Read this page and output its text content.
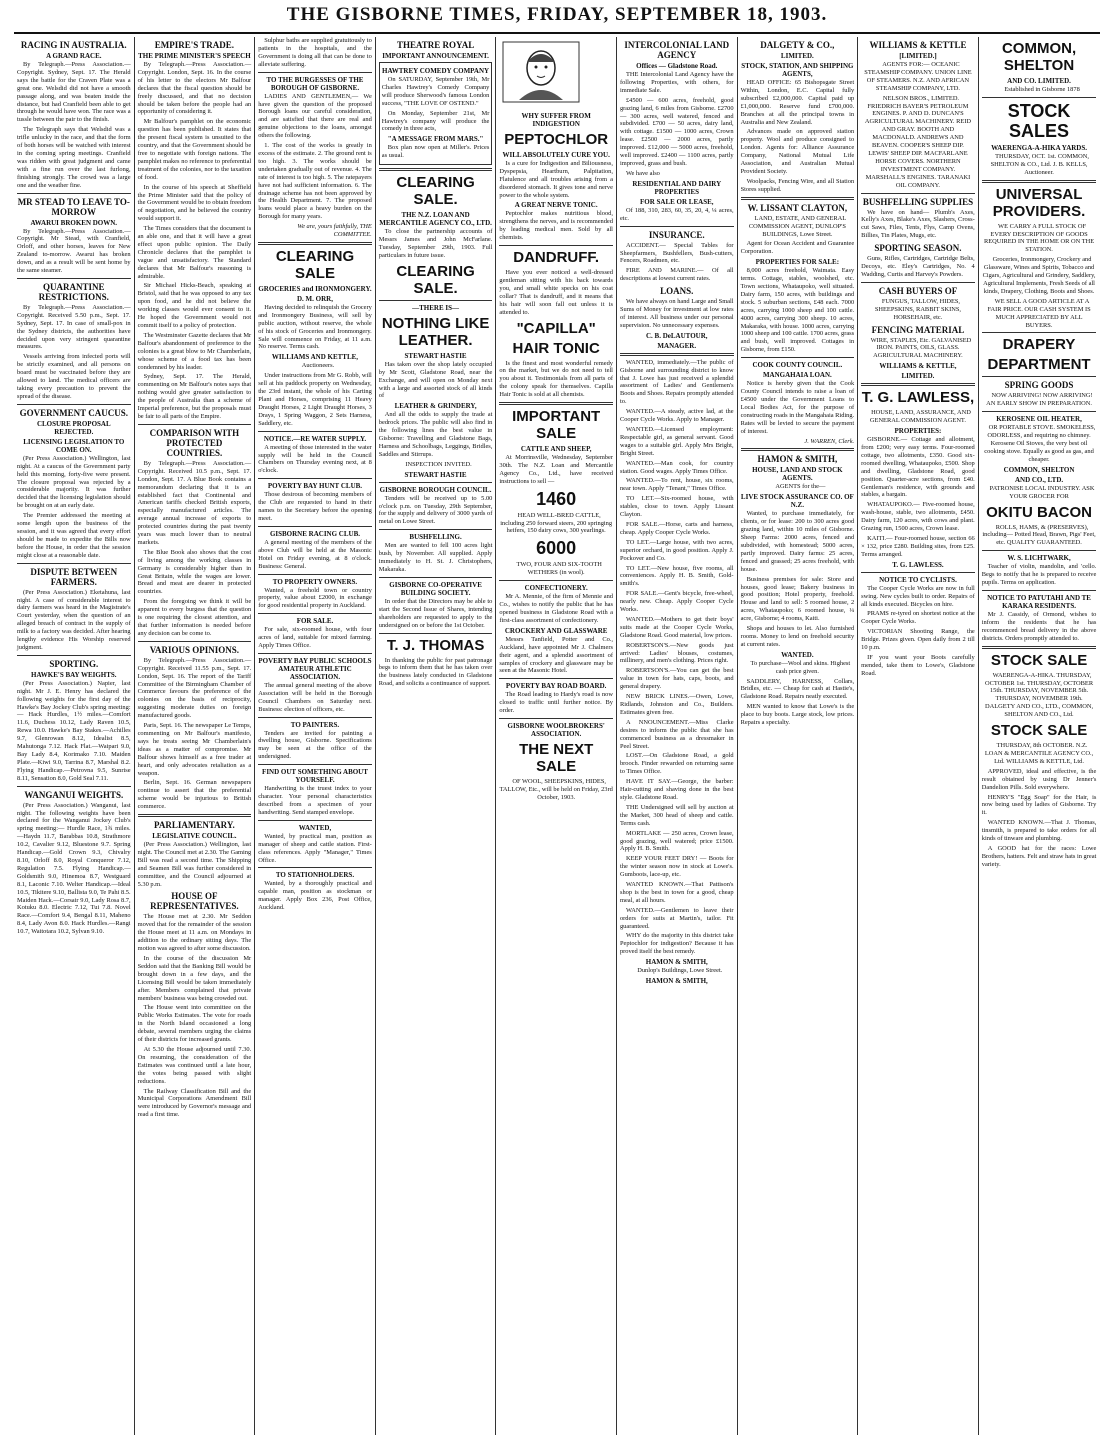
THE GISBORNE TIMES, FRIDAY, SEPTEMBER 18, 1903.
RACING IN AUSTRALIA.
A GRAND RACE.

By Telegraph.—Press Association.—Copyright. Sydney, Sept. 17. The Herald says the battle for the Craven Plate was a great one. Welsdid did not have a smooth passage along, and was beaten inside the distance, but had Cranfield been able to get through he would have won. The race was a tussle between the pair to the finish.

The Telegraph says that Welsdid was a trifle unlucky in the race, and that the form of both horses will be watched with interest in the coming spring meetings. Cranfield was ridden with great judgment and came with a fine run over the last furlong, finishing strongly. The crowd was a large one and the weather fine.

MR STEAD TO LEAVE TO-MORROW
AWARUI BROKEN DOWN.

By Telegraph.—Press Association.—Copyright. Mr Stead, with Cranfield, Orloff, and other horses, leaves for New Zealand to-morrow. Awarui has broken down, and as a result will be sent home by the same steamer.

QUARANTINE RESTRICTIONS.

By Telegraph.—Press Association.—Copyright. Received 5.50 p.m., Sept. 17. Sydney, Sept. 17. In case of small-pox in the Sydney districts, the authorities have decided upon very stringent quarantine measures.

Vessels arriving from infected ports will be strictly examined, and all persons on board must be vaccinated before they are allowed to land. The medical officers are taking every precaution to prevent the spread of the disease.

GOVERNMENT CAUCUS.
CLOSURE PROPOSAL REJECTED.
LICENSING LEGISLATION TO COME ON.

(Per Press Association.) Wellington, last night. At a caucus of the Government party held this morning, forty-five were present. The closure proposal was rejected by a considerable majority. It was further decided that the licensing legislation should be brought on at an early date.

The Premier addressed the meeting at some length upon the business of the session, and it was agreed that every effort should be made to expedite the Bills now before the House, in order that the session might close at a reasonable date.

DISPUTE BETWEEN FARMERS.

(Per Press Association.) Eketahuna, last night. A case of considerable interest to dairy farmers was heard in the Magistrate's Court yesterday, when the question of an alleged breach of contract in the supply of milk to a factory was decided. After hearing lengthy evidence His Worship reserved judgment.

SPORTING.
HAWKE'S BAY WEIGHTS.

(Per Press Association.) Napier, last night. Mr J. E. Henry has declared the following weights for the first day of the Hawke's Bay Jockey Club's spring meeting:— Hack Hurdles, 1½ miles.—Comfort 11.6, Duchess 10.12, Lady Raven 10.5, Rewa 10.0. Hawke's Bay Stakes.—Achilles 9.7, Glenrowan 8.12, Idealist 8.5, Mahutonga 7.12. Hack Flat.—Waipari 9.0, Bay Lady 8.4, Korimako 7.10. Maiden Plate.—Kiwi 9.0, Tarrina 8.7, Marshal 8.2. Flying Handicap.—Petrovna 9.5, Sunrise 8.11, Sensation 8.0, Gold Seal 7.11.

WANGANUI WEIGHTS.

(Per Press Association.) Wanganui, last night. The following weights have been declared for the Wanganui Jockey Club's spring meeting:— Hurdle Race, 1¾ miles.—Haydn 11.7, Barabbas 10.8, Strathmore 10.2, Cavalier 9.12, Bluestone 9.7. Spring Handicap.—Gold Crown 9.3, Chivalry 8.10, Orloff 8.0, Royal Conqueror 7.12, Regulation 7.5. Flying Handicap.—Goldsmith 9.0, Hinemoa 8.7, Westguard 8.1, Laconic 7.10. Welter Handicap.—Ideal 10.5, Tikitere 9.10, Ballista 9.0, Te Pahi 8.5. Maiden Hack.—Corsair 9.0, Lady Rosa 8.7, Kotuku 8.0. Electric 7.12, Tui 7.8. Novel Race.—Comfort 9.4, Bengal 8.11, Maheno 8.4, Lady Avon 8.0. Hack Hurdles.—Rangi 10.7, Waitotara 10.2, Sylvan 9.10.

EMPIRE'S TRADE.
THE PRIME MINISTER'S SPEECH

By Telegraph.—Press Association.—Copyright. London, Sept. 16. In the course of his letter to the electors Mr Balfour declares that the fiscal question should be freely discussed, and that no decision should be taken before the people had an opportunity of considering it.

Mr Balfour's pamphlet on the economic question has been published. It states that the present fiscal system is unsuited to the country, and that the Government should be free to negotiate with foreign nations. The pamphlet makes no reference to preferential treatment of the colonies, nor to the taxation of food.

In the course of his speech at Sheffield the Prime Minister said that the policy of the Government would be to obtain freedom of negotiation, and he believed the country would support it.

The Times considers that the document is an able one, and that it will have a great effect upon public opinion. The Daily Chronicle declares that the pamphlet is vague and unsatisfactory. The Standard declares that Mr Balfour's reasoning is admirable.

Sir Michael Hicks-Beach, speaking at Bristol, said that he was opposed to any tax upon food, and he did not believe the working classes would ever consent to it. He hoped the Government would not commit itself to a policy of protection.

The Westminster Gazette declares that Mr Balfour's abandonment of preference to the colonies is a great blow to Mr Chamberlain, whose scheme of a food tax has been condemned by his leader.

Sydney, Sept. 17. The Herald, commenting on Mr Balfour's notes says that nothing would give greater satisfaction to the people of Australia than a scheme of Imperial preference, but the proposals must be fair to all parts of the Empire.

COMPARISON WITH PROTECTED COUNTRIES.

By Telegraph.—Press Association.—Copyright. Received 10.5 p.m., Sept. 17. London, Sept. 17. A Blue Book contains a memorandum declaring that it is an established fact that Continental and American tariffs checked British exports, especially manufactured articles. The average annual increase of exports to protected countries during the past twenty years was much lower than to neutral markets.

The Blue Book also shows that the cost of living among the working classes in Germany is considerably higher than in Great Britain, while the wages are lower. Bread and meat are dearer in protected countries.

From the foregoing we think it will be apparent to every burgess that the question is one requiring the closest attention, and that further information is needed before any decision can be come to.

VARIOUS OPINIONS.

By Telegraph.—Press Association.—Copyright. Received 11.55 p.m., Sept. 17. London, Sept. 16. The report of the Tariff Committee of the Birmingham Chamber of Commerce favours the preference of the colonies on the basis of reciprocity, suggesting moderate duties on foreign manufactured goods.

Paris, Sept. 16. The newspaper Le Temps, commenting on Mr Balfour's manifesto, says he treats seeing Mr Chamberlain's ideas as a matter of compromise. Mr Balfour shows himself as a free trader at heart, and only advocates retaliation as a weapon.

Berlin, Sept. 16. German newspapers continue to assert that the preferential scheme would be injurious to British commerce.

PARLIAMENTARY.
LEGISLATIVE COUNCIL.

(Per Press Association.) Wellington, last night. The Council met at 2.30. The Gaming Bill was read a second time. The Shipping and Seamen Bill was further considered in committee, and the Council adjourned at 5.30 p.m.

HOUSE OF REPRESENTATIVES.

The House met at 2.30. Mr Seddon moved that for the remainder of the session the House meet at 11 a.m. on Mondays in addition to the ordinary sitting days. The motion was agreed to after some discussion.

In the course of the discussion Mr Seddon said that the Banking Bill would be brought down in a few days, and the Licensing Bill would be taken immediately after. Members complained that private members' business was being crowded out.

The House went into committee on the Public Works Estimates. The vote for roads in the North Island occasioned a long debate, several members urging the claims of their districts for increased grants.

At 5.30 the House adjourned until 7.30. On resuming, the consideration of the Estimates was continued until a late hour, the votes being passed with slight reductions.

The Railway Classification Bill and the Municipal Corporations Amendment Bill were introduced by Governor's message and read a first time.

Sulphur baths are supplied gratuitously to patients in the hospitals, and the Government is doing all that can be done to alleviate suffering.

TO THE BURGESSES OF THE BOROUGH OF GISBORNE.

LADIES AND GENTLEMEN,— We have given the question of the proposed Borough loans our careful consideration, and are satisfied that there are real and genuine objections to the loans, amongst others the following.

1. The cost of the works is greatly in excess of the estimate. 2. The ground rent is too high. 3. The works should be undertaken gradually out of revenue. 4. The rate of interest is too high. 5. The ratepayers have not had sufficient information. 6. The drainage scheme has not been approved by the Health Department. 7. The proposed loans would place a heavy burden on the Borough for many years.

We are, yours faithfully, THE COMMITTEE.

CLEARING SALE
GROCERIES and IRONMONGERY.
D. M. ORR,

Having decided to relinquish the Grocery and Ironmongery Business, will sell by public auction, without reserve, the whole of his stock of Groceries and Ironmongery. Sale will commence on Friday, at 11 a.m. No reserve. Terms cash.

WILLIAMS AND KETTLE,

Auctioneers.

Under instructions from Mr G. Robb, will sell at his paddock property on Wednesday, the 23rd instant, the whole of his Carting Plant and Horses, comprising 11 Heavy Draught Horses, 2 Light Draught Horses, 3 Drays, 1 Spring Waggon, 2 Sets Harness, Saddlery, etc.

NOTICE.—RE WATER SUPPLY.

A meeting of those interested in the water supply will be held in the Council Chambers on Thursday evening next, at 8 o'clock.

POVERTY BAY HUNT CLUB.

Those desirous of becoming members of the Club are requested to hand in their names to the Secretary before the opening meet.

GISBORNE RACING CLUB.

A general meeting of the members of the above Club will be held at the Masonic Hotel on Friday evening, at 8 o'clock. Business: General.

TO PROPERTY OWNERS.

Wanted, a freehold town or country property, value about £2000, in exchange for good residential property in Auckland.

FOR SALE.

For sale, six-roomed house, with four acres of land, suitable for mixed farming. Apply Times Office.

POVERTY BAY PUBLIC SCHOOLS AMATEUR ATHLETIC ASSOCIATION.

The annual general meeting of the above Association will be held in the Borough Council Chambers on Saturday next. Business: election of officers, etc.

TO PAINTERS.

Tenders are invited for painting a dwelling house, Gisborne. Specifications may be seen at the office of the undersigned.

FIND OUT SOMETHING ABOUT YOURSELF.

Handwriting is the truest index to your character. Your personal characteristics described from a specimen of your handwriting. Send stamped envelope.

WANTED,

Wanted, by practical man, position as manager of sheep and cattle station. First-class references. Apply "Manager," Times Office.

TO STATIONHOLDERS.

Wanted, by a thoroughly practical and capable man, position as stockman or manager. Apply Box 236, Post Office, Auckland.

THEATRE ROYAL
IMPORTANT ANNOUNCEMENT.
HAWTREY COMEDY COMPANY

On SATURDAY, September 19th, Mr Charles Hawtrey's Comedy Company will produce Sherwood's famous London success, "THE LOVE OF OSTEND."

On Monday, September 21st, Mr Hawtrey's company will produce the comedy in three acts,

"A MESSAGE FROM MARS."

Box plan now open at Miller's. Prices as usual.

CLEARING SALE.
THE N.Z. LOAN AND MERCANTILE AGENCY CO., LTD.

To close the partnership accounts of Messrs James and John McFarlane. Tuesday, September 29th, 1903. Full particulars in future issue.

CLEARING SALE.
—THERE IS—
NOTHING LIKE LEATHER.
STEWART HASTIE

Has taken over the shop lately occupied by Mr Scott, Gladstone Road, near the Exchange, and will open on Monday next with a large and assorted stock of all kinds of

LEATHER & GRINDERY,

And all the odds to supply the trade at bedrock prices. The public will also find in the following lines the best value in Gisborne: Travelling and Gladstone Bags, Harness and Schoolbags, Leggings, Bridles, Saddles and Stirrups.

INSPECTION INVITED.

STEWART HASTIE
GISBORNE BOROUGH COUNCIL.

Tenders will be received up to 5.00 o'clock p.m. on Tuesday, 29th September, for the supply and delivery of 3000 yards of metal on Lowe Street.

BUSHFELLING.

Men are wanted to fell 100 acres light bush, by November. All supplied. Apply immediately to H. St. J. Christophers, Makaraka.

GISBORNE CO-OPERATIVE BUILDING SOCIETY.

In order that the Directors may be able to start the Second Issue of Shares, intending shareholders are requested to apply to the undersigned on or before the 1st October.

T. J. THOMAS

In thanking the public for past patronage begs to inform them that he has taken over the business lately conducted in Gladstone Road, and solicits a continuance of support.

WHY SUFFER FROM INDIGESTION
PEPTOCHLOR
WILL ABSOLUTELY CURE YOU.

Is a cure for Indigestion and Biliousness, Dyspepsia, Heartburn, Palpitation, Flatulence and all troubles arising from a disordered stomach. It gives tone and nerve power to the whole system.

A GREAT NERVE TONIC.

Peptochlor makes nutritious blood, strengthens the nerves, and is recommended by leading medical men. Sold by all chemists.

DANDRUFF.

Have you ever noticed a well-dressed gentleman sitting with his back towards you, and small white specks on his coat collar? That is dandruff, and it means that his hair will soon fall out unless it is attended to.

"CAPILLA"
HAIR TONIC

Is the finest and most wonderful remedy on the market, but we do not need to tell you about it. Testimonials from all parts of the colony speak for themselves. Capilla Hair Tonic is sold at all chemists.

IMPORTANT SALE
CATTLE AND SHEEP,

At Morrinsville, Wednesday, September 30th. The N.Z. Loan and Mercantile Agency Co., Ltd., have received instructions to sell —

1460

HEAD WELL-BRED CATTLE, including 250 forward steers, 200 springing heifers, 150 dairy cows, 300 yearlings.

6000

TWO, FOUR AND SIX-TOOTH WETHERS (in wool).

CONFECTIONERY.

Mr A. Mennie, of the firm of Mennie and Co., wishes to notify the public that he has opened business in Gladstone Road with a first-class assortment of confectionery.

CROCKERY AND GLASSWARE

Messrs Tanfield, Potter and Co., Auckland, have appointed Mr J. Chalmers their agent, and a splendid assortment of samples of crockery and glassware may be seen at the Masonic Hotel.

POVERTY BAY ROAD BOARD.

The Road leading to Hardy's road is now closed to traffic until further notice. By order.

GISBORNE WOOLBROKERS' ASSOCIATION.
THE NEXT SALE

OF WOOL, SHEEPSKINS, HIDES, TALLOW, Etc., will be held on Friday, 23rd October, 1903.

INTERCOLONIAL LAND AGENCY
Offices — Gladstone Road.

THE Intercolonial Land Agency have the following Properties, with others, for immediate Sale.

£4500 — 600 acres, freehold, good grazing land, 6 miles from Gisborne. £2700 — 300 acres, well watered, fenced and subdivided. £700 — 50 acres, dairy land, with cottage. £1500 — 1000 acres, Crown lease. £2500 — 2000 acres, partly improved. £12,000 — 5000 acres, freehold, well improved. £2400 — 1100 acres, partly improved, grass and bush.

We have also

RESIDENTIAL AND DAIRY PROPERTIES
FOR SALE OR LEASE,

Of 188, 310, 283, 60, 35, 20, 4, ¼ acres, etc.

INSURANCE.

ACCIDENT.— Special Tables for Sheepfarmers, Bushfellers, Bush-cutters, Fencers, Roadmen, etc.

FIRE AND MARINE.— Of all descriptions at lowest current rates.

LOANS.

We have always on hand Large and Small Sums of Money for investment at low rates of interest. All business under our personal supervision. No unnecessary expenses.

C. B. DeLAUTOUR,
MANAGER.

WANTED, immediately.—The public of Gisborne and surrounding district to know that J. Lowe has just received a splendid assortment of Ladies' and Gentlemen's Boots and Shoes. Repairs promptly attended to.

WANTED.—A steady, active lad, at the Cooper Cycle Works. Apply to Manager.

WANTED.—Licensed employment: Respectable girl, as general servant. Good wages to a suitable girl. Apply Mrs Bright, Bright Street.

WANTED.—Man cook, for country station. Good wages. Apply Times Office.

WANTED.—To rent, house, six rooms, near town. Apply "Tenant," Times Office.

TO LET.—Six-roomed house, with stables, close to town. Apply Lissant Clayton.

FOR SALE.—Horse, carts and harness, cheap. Apply Cooper Cycle Works.

TO LET.—Large house, with two acres, superior orchard, in good position. Apply J. Pockover and Co.

TO LET.—New house, five rooms, all conveniences. Apply H. B. Smith, Gold-smith's.

FOR SALE.—Gent's bicycle, free-wheel, nearly new. Cheap. Apply Cooper Cycle Works.

WANTED.—Mothers to get their boys' suits made at the Cooper Cycle Works, Gladstone Road. Good material, low prices.

ROBERTSON'S.—New goods just arrived: Ladies' blouses, costumes, millinery, and men's clothing. Prices right.

ROBERTSON'S.—You can get the best value in town for hats, caps, boots, and general drapery.

NEW BRICK LINES.—Owen, Lowe, Ridlands, Johnston and Co., Builders. Estimates given free.

A NNOUNCEMENT.—Miss Clarke desires to inform the public that she has commenced business as a dressmaker in Peel Street.

LOST.—On Gladstone Road, a gold brooch. Finder rewarded on returning same to Times Office.

HAVE IT SAY.—George, the barber: Hair-cutting and shaving done in the best style. Gladstone Road.

THE Undersigned will sell by auction at the Market, 300 head of sheep and cattle. Terms cash.

MORTLAKE — 250 acres, Crown lease, good grazing, well watered; price £1500. Apply H. B. Smith.

KEEP YOUR FEET DRY! — Boots for the winter season now in stock at Lowe's. Gumboots, lace-up, etc.

WANTED KNOWN.—That Pattison's shop is the best in town for a good, cheap meal, at all hours.

WANTED.—Gentlemen to leave their orders for suits at Martin's, tailor. Fit guaranteed.

WHY do the majority in this district take Peptochlor for indigestion? Because it has proved itself the best remedy.

HAMON & SMITH,

Dunlop's Buildings, Lowe Street.

HAMON & SMITH,
DALGETY & CO.,
LIMITED.
STOCK, STATION, AND SHIPPING AGENTS,

HEAD OFFICE: 65 Bishopsgate Street Within, London, E.C. Capital fully subscribed £2,000,000. Capital paid up £1,000,000. Reserve fund £700,000. Branches at all the principal towns in Australia and New Zealand.

Advances made on approved station property. Wool and produce consigned to London. Agents for: Alliance Assurance Company, National Mutual Life Association, and Australian Mutual Provident Society.

Woolpacks, Fencing Wire, and all Station Stores supplied.

W. LISSANT CLAYTON,

LAND, ESTATE, AND GENERAL COMMISSION AGENT, DUNLOP'S BUILDINGS, Lowe Street.

Agent for Ocean Accident and Guarantee Corporation.

PROPERTIES FOR SALE:

8,000 acres freehold, Waimata. Easy terms. Cottage, stables, woolshed, etc. Town sections, Whataupoko, well situated. Dairy farm, 150 acres, with buildings and stock. 5 suburban sections, £48 each. 7000 acres, carrying 1000 sheep and 100 cattle. 4000 acres, carrying 300 sheep. 10 acres, Makaraka, with house. 1000 acres, carrying 1000 sheep and 100 cattle. 1700 acres, grass and bush, well improved. Cottages in Gisborne, from £150.

COOK COUNTY COUNCIL.
MANGAHAIA LOAN.

Notice is hereby given that the Cook County Council intends to raise a loan of £4500 under the Government Loans to Local Bodies Act, for the purpose of constructing roads in the Mangahaia Riding. Rates will be levied to secure the payment of interest.

J. WARREN, Clerk.

HAMON & SMITH,
HOUSE, LAND AND STOCK AGENTS.

AGENTS for the—

LIVE STOCK ASSURANCE CO. OF N.Z.

Wanted, to purchase immediately, for clients, or for lease: 200 to 300 acres good grazing land, within 10 miles of Gisborne. Sheep Farms: 2000 acres, fenced and subdivided, with homestead; 5000 acres, partly improved. Dairy farms: 25 acres, fenced and grassed; 25 acres freehold, with house.

Business premises for sale: Store and houses, good lease; Bakery business in good position; Hotel property, freehold. House and land to sell: 5 roomed house, 2 acres, Whataupoko; 6 roomed house, ¼ acre, Gisborne; 4 rooms, Kaiti.

Shops and houses to let. Also furnished rooms. Money to lend on freehold security at current rates.

WANTED.

To purchase—Wool and skins. Highest cash price given.

SADDLERY, HARNESS, Collars, Bridles, etc. — Cheap for cash at Hastie's, Gladstone Road. Repairs neatly executed.

MEN wanted to know that Lowe's is the place to buy boots. Large stock, low prices. Repairs a specialty.

WILLIAMS & KETTLE
[LIMITED.]

AGENTS FOR:— OCEANIC STEAMSHIP COMPANY. UNION LINE OF STEAMERS. N.Z. AND AFRICAN STEAMSHIP COMPANY, LTD.

NELSON BROS., LIMITED. FRIEDRICH BAYER'S PETROLEUM ENGINES. P. AND D. DUNCAN'S AGRICULTURAL MACHINERY. REID AND GRAY. BOOTH AND MACDONALD. ANDREWS AND BEAVEN. COOPER'S SHEEP DIP. LEWIS' SHEEP DIP. MACFARLANE HORSE COVERS. NORTHERN INVESTMENT COMPANY. MARSHALL'S ENGINES. TARANAKI OIL COMPANY.

BUSHFELLING SUPPLIES

We have on hand— Plumb's Axes, Kelly's Axes, Blake's Axes, Slashers, Cross-cut Saws, Files, Tents, Flys, Camp Ovens, Billies, Tin Plates, Mugs, etc.

SPORTING SEASON.

Guns, Rifles, Cartridges, Cartridge Belts, Decoys, etc. Eley's Cartridges, No. 4 Wadding, Curtis and Harvey's Powders.

CASH BUYERS OF

FUNGUS, TALLOW, HIDES, SHEEPSKINS, RABBIT SKINS, HORSEHAIR, etc.

FENCING MATERIAL

WIRE, STAPLES, Etc. GALVANISED IRON. PAINTS, OILS, GLASS. AGRICULTURAL MACHINERY.

WILLIAMS & KETTLE,
LIMITED.
T. G. LAWLESS,

HOUSE, LAND, ASSURANCE, AND GENERAL COMMISSION AGENT.

PROPERTIES:

GISBORNE.— Cottage and allotment, from £200; very easy terms. Four-roomed cottage, two allotments, £350. Good six-roomed dwelling, Whataupoko, £500. Shop and dwelling, Gladstone Road, good position. Quarter-acre sections, from £40. Gentleman's residence, with grounds and stables, a bargain.

WHATAUPOKO.— Five-roomed house, wash-house, stable, two allotments, £450. Dairy farm, 120 acres, with cows and plant. Grazing run, 1500 acres, Crown lease.

KAITI.— Four-roomed house, section 66 × 132, price £280. Building sites, from £25. Terms arranged.

T. G. LAWLESS.
NOTICE TO CYCLISTS.

The Cooper Cycle Works are now in full swing. New cycles built to order. Repairs of all kinds executed. Bicycles on hire.

PRAMS re-tyred on shortest notice at the Cooper Cycle Works.

VICTORIAN Shooting Range, the Bridge. Prizes given. Open daily from 2 till 10 p.m.

IF you want your Boots carefully mended, take them to Lowe's, Gladstone Road.

COMMON, SHELTON
AND CO. LIMITED.

Established in Gisborne 1878

STOCK SALES
WAERENGA-A-HIKA YARDS.

THURSDAY, OCT. 1st. COMMON, SHELTON & CO., Ltd. J. B. KELLS, Auctioneer.

UNIVERSAL PROVIDERS.

WE CARRY A FULL STOCK OF EVERY DESCRIPTION OF GOODS REQUIRED IN THE HOME OR ON THE STATION.

Groceries, Ironmongery, Crockery and Glassware, Wines and Spirits, Tobacco and Cigars, Agricultural and Grindery, Saddlery, Agricultural Implements, Fresh Seeds of all kinds, Drapery, Clothing, Boots and Shoes.

WE SELL A GOOD ARTICLE AT A FAIR PRICE. OUR CASH SYSTEM IS MUCH APPRECIATED BY ALL BUYERS.

DRAPERY
DEPARTMENT
SPRING GOODS

NOW ARRIVING! NOW ARRIVING! AN EARLY SHOW IN PREPARATION.

KEROSENE OIL HEATER,

OR PORTABLE STOVE. SMOKELESS, ODORLESS, and requiring no chimney. Kerosene Oil Stoves, the very best oil cooking stove. Equally as good as gas, and cheaper.

COMMON, SHELTON
AND CO., LTD.

PATRONISE LOCAL INDUSTRY. ASK YOUR GROCER FOR

OKITU BACON

ROLLS, HAMS, & (PRESERVES), including— Potted Head, Brawn, Pigs' Feet, etc. QUALITY GUARANTEED.

W. S. LICHTWARK,

Teacher of violin, mandolin, and 'cello. Begs to notify that he is prepared to receive pupils. Terms on application.

NOTICE TO PATUTAHI AND TE KARAKA RESIDENTS.

Mr J. Cassidy, of Ormond, wishes to inform the residents that he has recommenced bread delivery in the above districts. Orders promptly attended to.

STOCK SALE

WAERENGA-A-HIKA. THURSDAY, OCTOBER 1st. THURSDAY, OCTOBER 15th. THURSDAY, NOVEMBER 5th. THURSDAY, NOVEMBER 19th. DALGETY AND CO., LTD., COMMON, SHELTON AND CO., Ltd.

STOCK SALE

THURSDAY, 8th OCTOBER. N.Z. LOAN & MERCANTILE AGENCY CO., Ltd. WILLIAMS & KETTLE, Ltd.

APPROVED, ideal and effective, is the result obtained by using Dr Jenner's Dandelion Pills. Sold everywhere.

HENRY'S "Egg Soap" for the Hair, is now being used by ladies of Gisborne. Try it.

WANTED KNOWN.—That J. Thomas, tinsmith, is prepared to take orders for all kinds of tinware and plumbing.

A GOOD hat for the races: Lowe Brothers, hatters. Felt and straw hats in great variety.
